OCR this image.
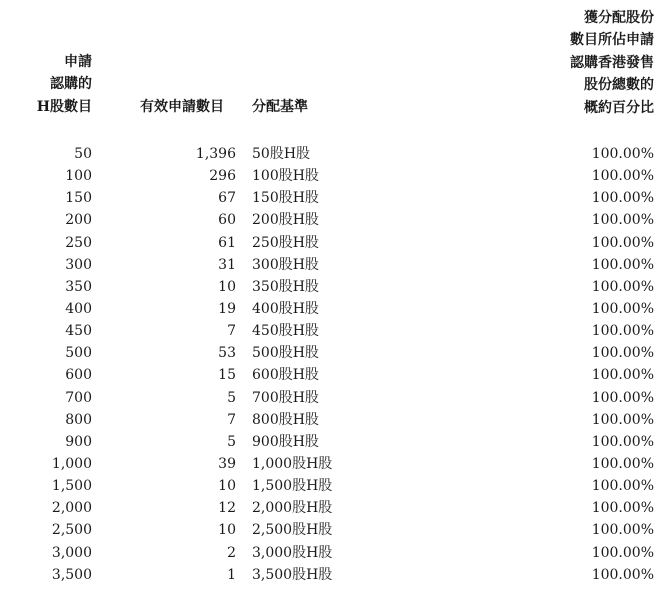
申請
認購的
H股數目	有效申請數目 分配基準
獲分配股份
數目所佔申請
認購香港發售
股份總數的
概約百分比
50	1,396 50股H股	100.00%
100	296 100股H股	100.00%
150	67 150股H股	100.00%
200	60 200股H股	100.00%
250	61 250股H股	100.00%
300	31 300股H股	100.00%
350	10 350股H股	100.00%
400	19 400股H股	100.00%
450	7 450股H股	100.00%
500	53 500股H股	100.00%
600	15 600股H股	100.00%
700	5 700股H股	100.00%
800	7 800股H股	100.00%
900	5 900股H股	100.00%
1,000	39 1,000股H股	100.00%
1,500	10 1,500股H股	100.00%
2,000	12 2,000股H股	100.00%
2,500	10 2,500股H股	100.00%
3,000	2 3,000股H股	100.00%
3,500	1 3,500股H股	100.00%
